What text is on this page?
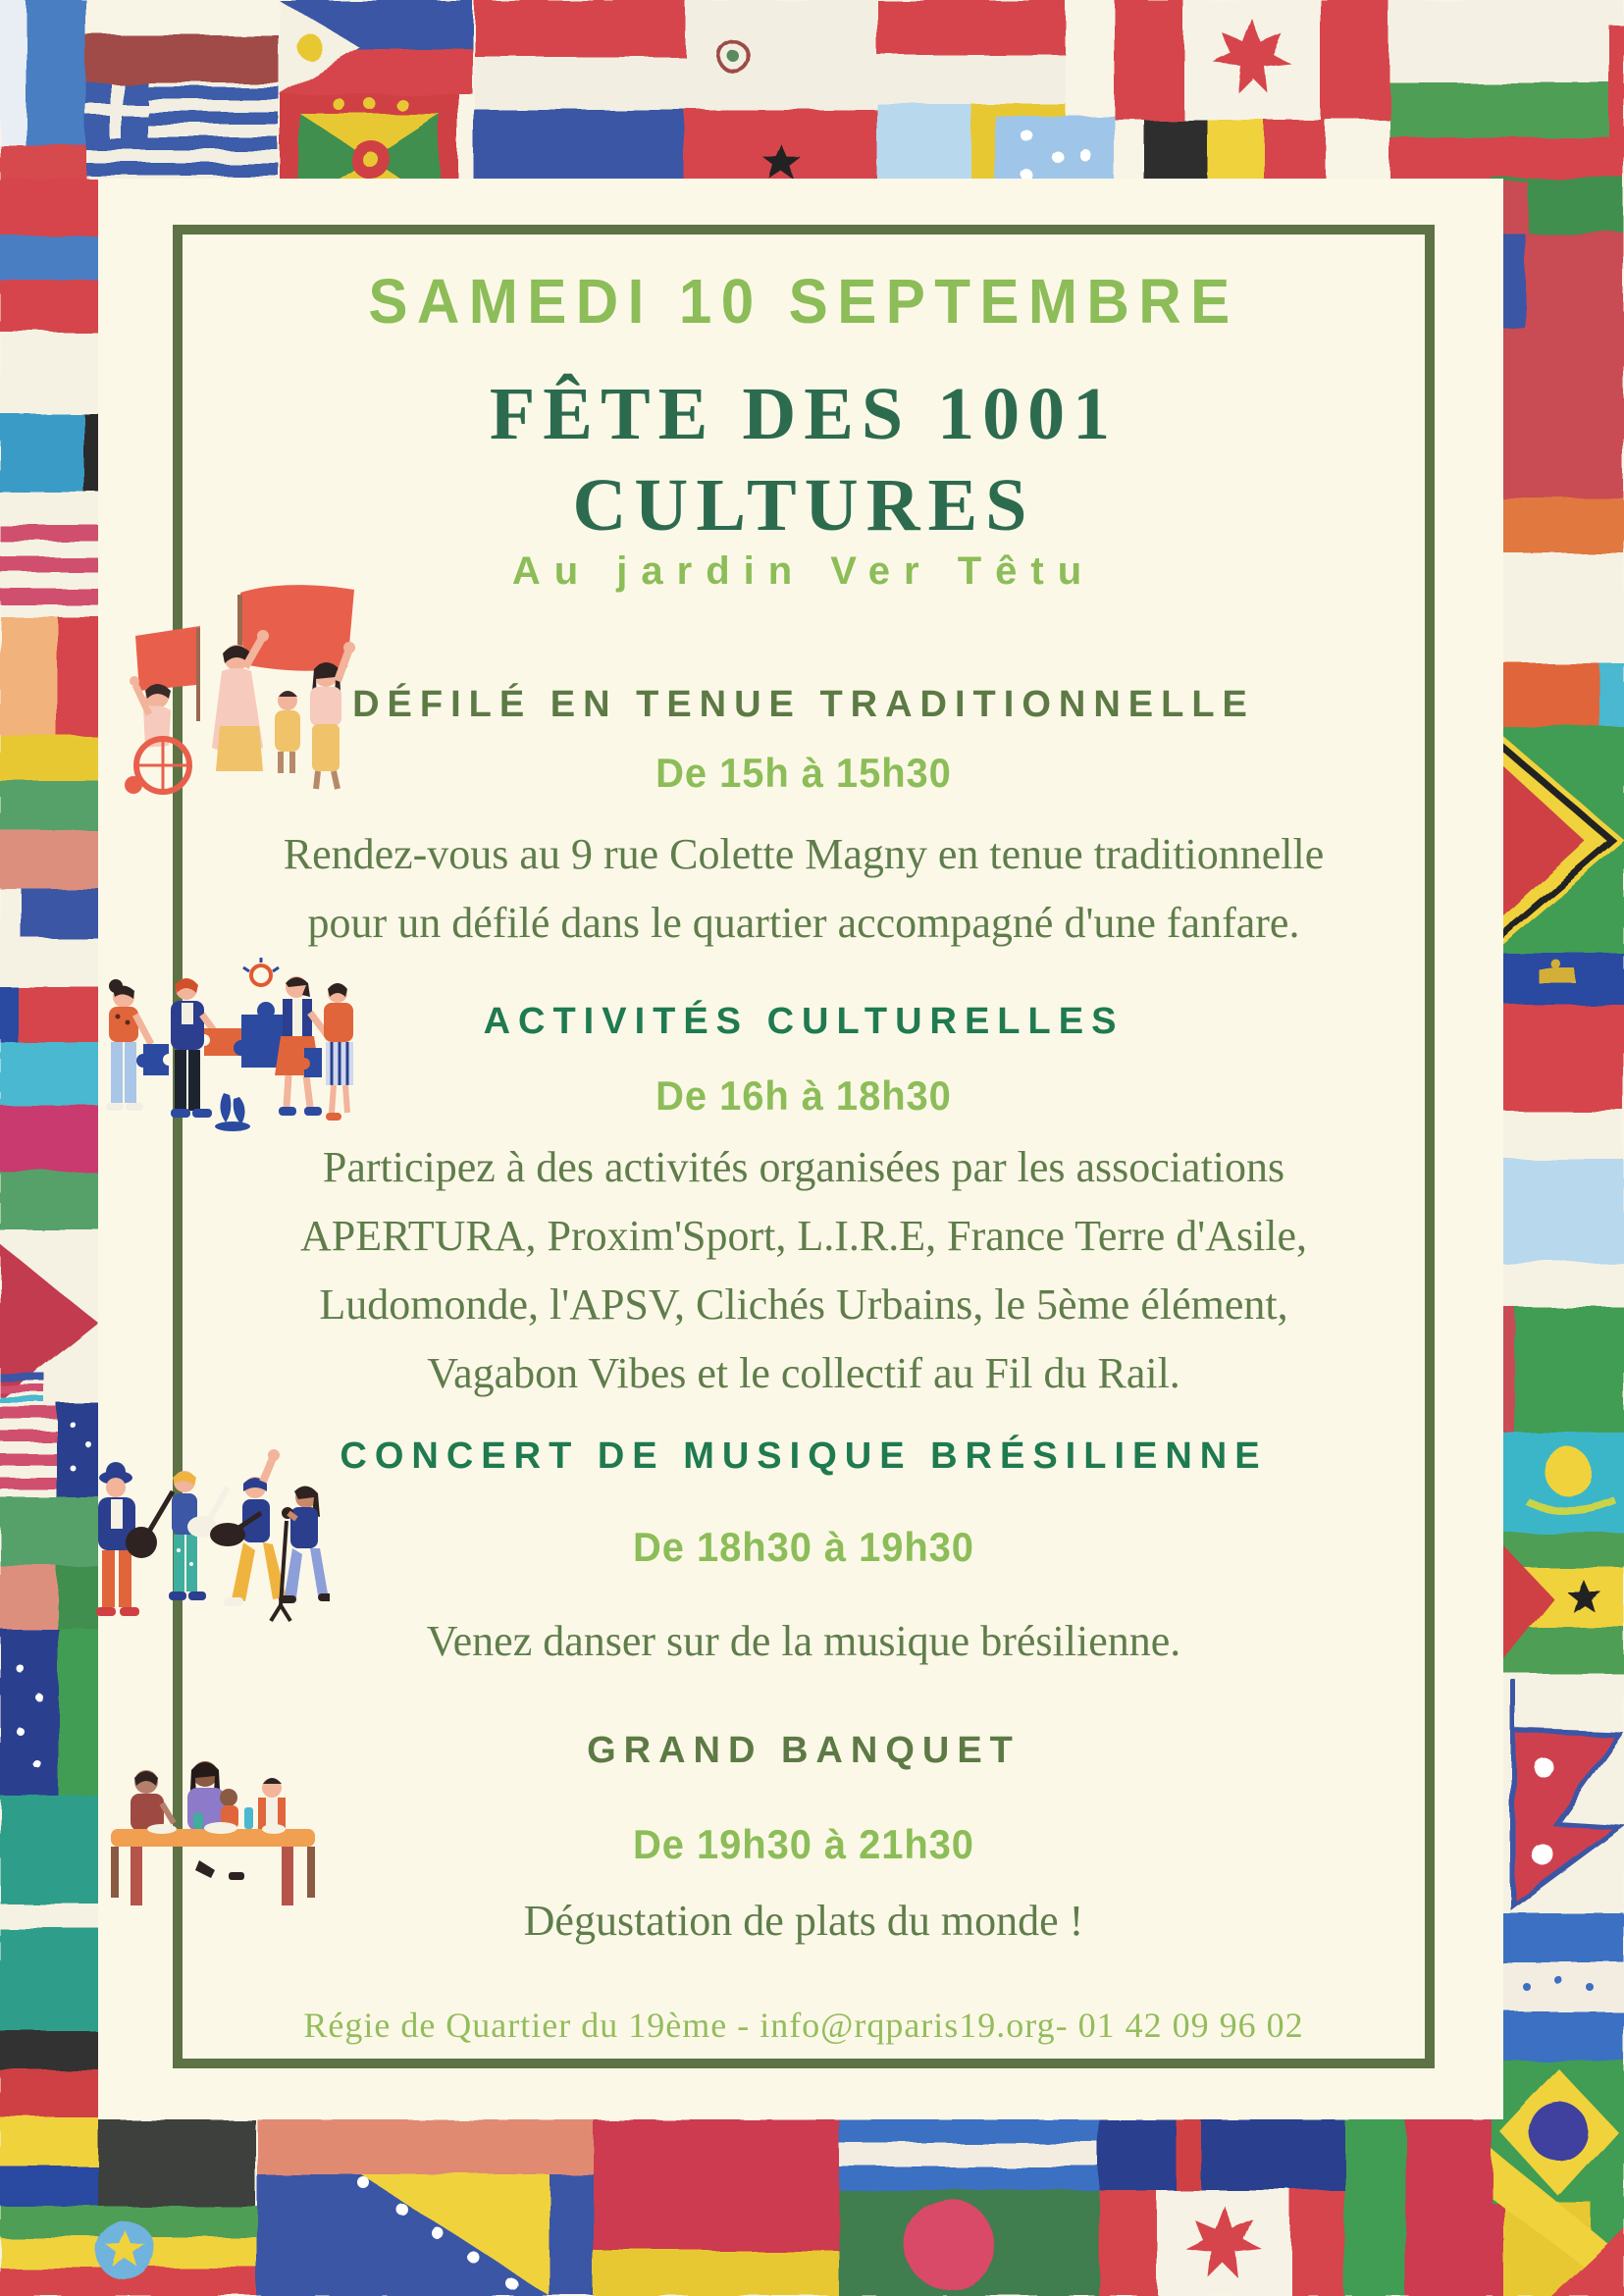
SAMEDI 10 SEPTEMBRE
FÊTE DES 1001
CULTURES
Au jardin Ver Têtu
DÉFILÉ EN TENUE TRADITIONNELLE
De 15h à 15h30
Rendez-vous au 9 rue Colette Magny en tenue traditionnelle
pour un défilé dans le quartier accompagné d'une fanfare.
ACTIVITÉS CULTURELLES
De 16h à 18h30
Participez à des activités organisées par les associations
APERTURA, Proxim'Sport, L.I.R.E, France Terre d'Asile,
Ludomonde, l'APSV, Clichés Urbains, le 5ème élément,
Vagabon Vibes et le collectif au Fil du Rail.
CONCERT DE MUSIQUE BRÉSILIENNE
De 18h30 à 19h30
Venez danser sur de la musique brésilienne.
GRAND BANQUET
De 19h30 à 21h30
Dégustation de plats du monde !
Régie de Quartier du 19ème - info@rqparis19.org- 01 42 09 96 02
